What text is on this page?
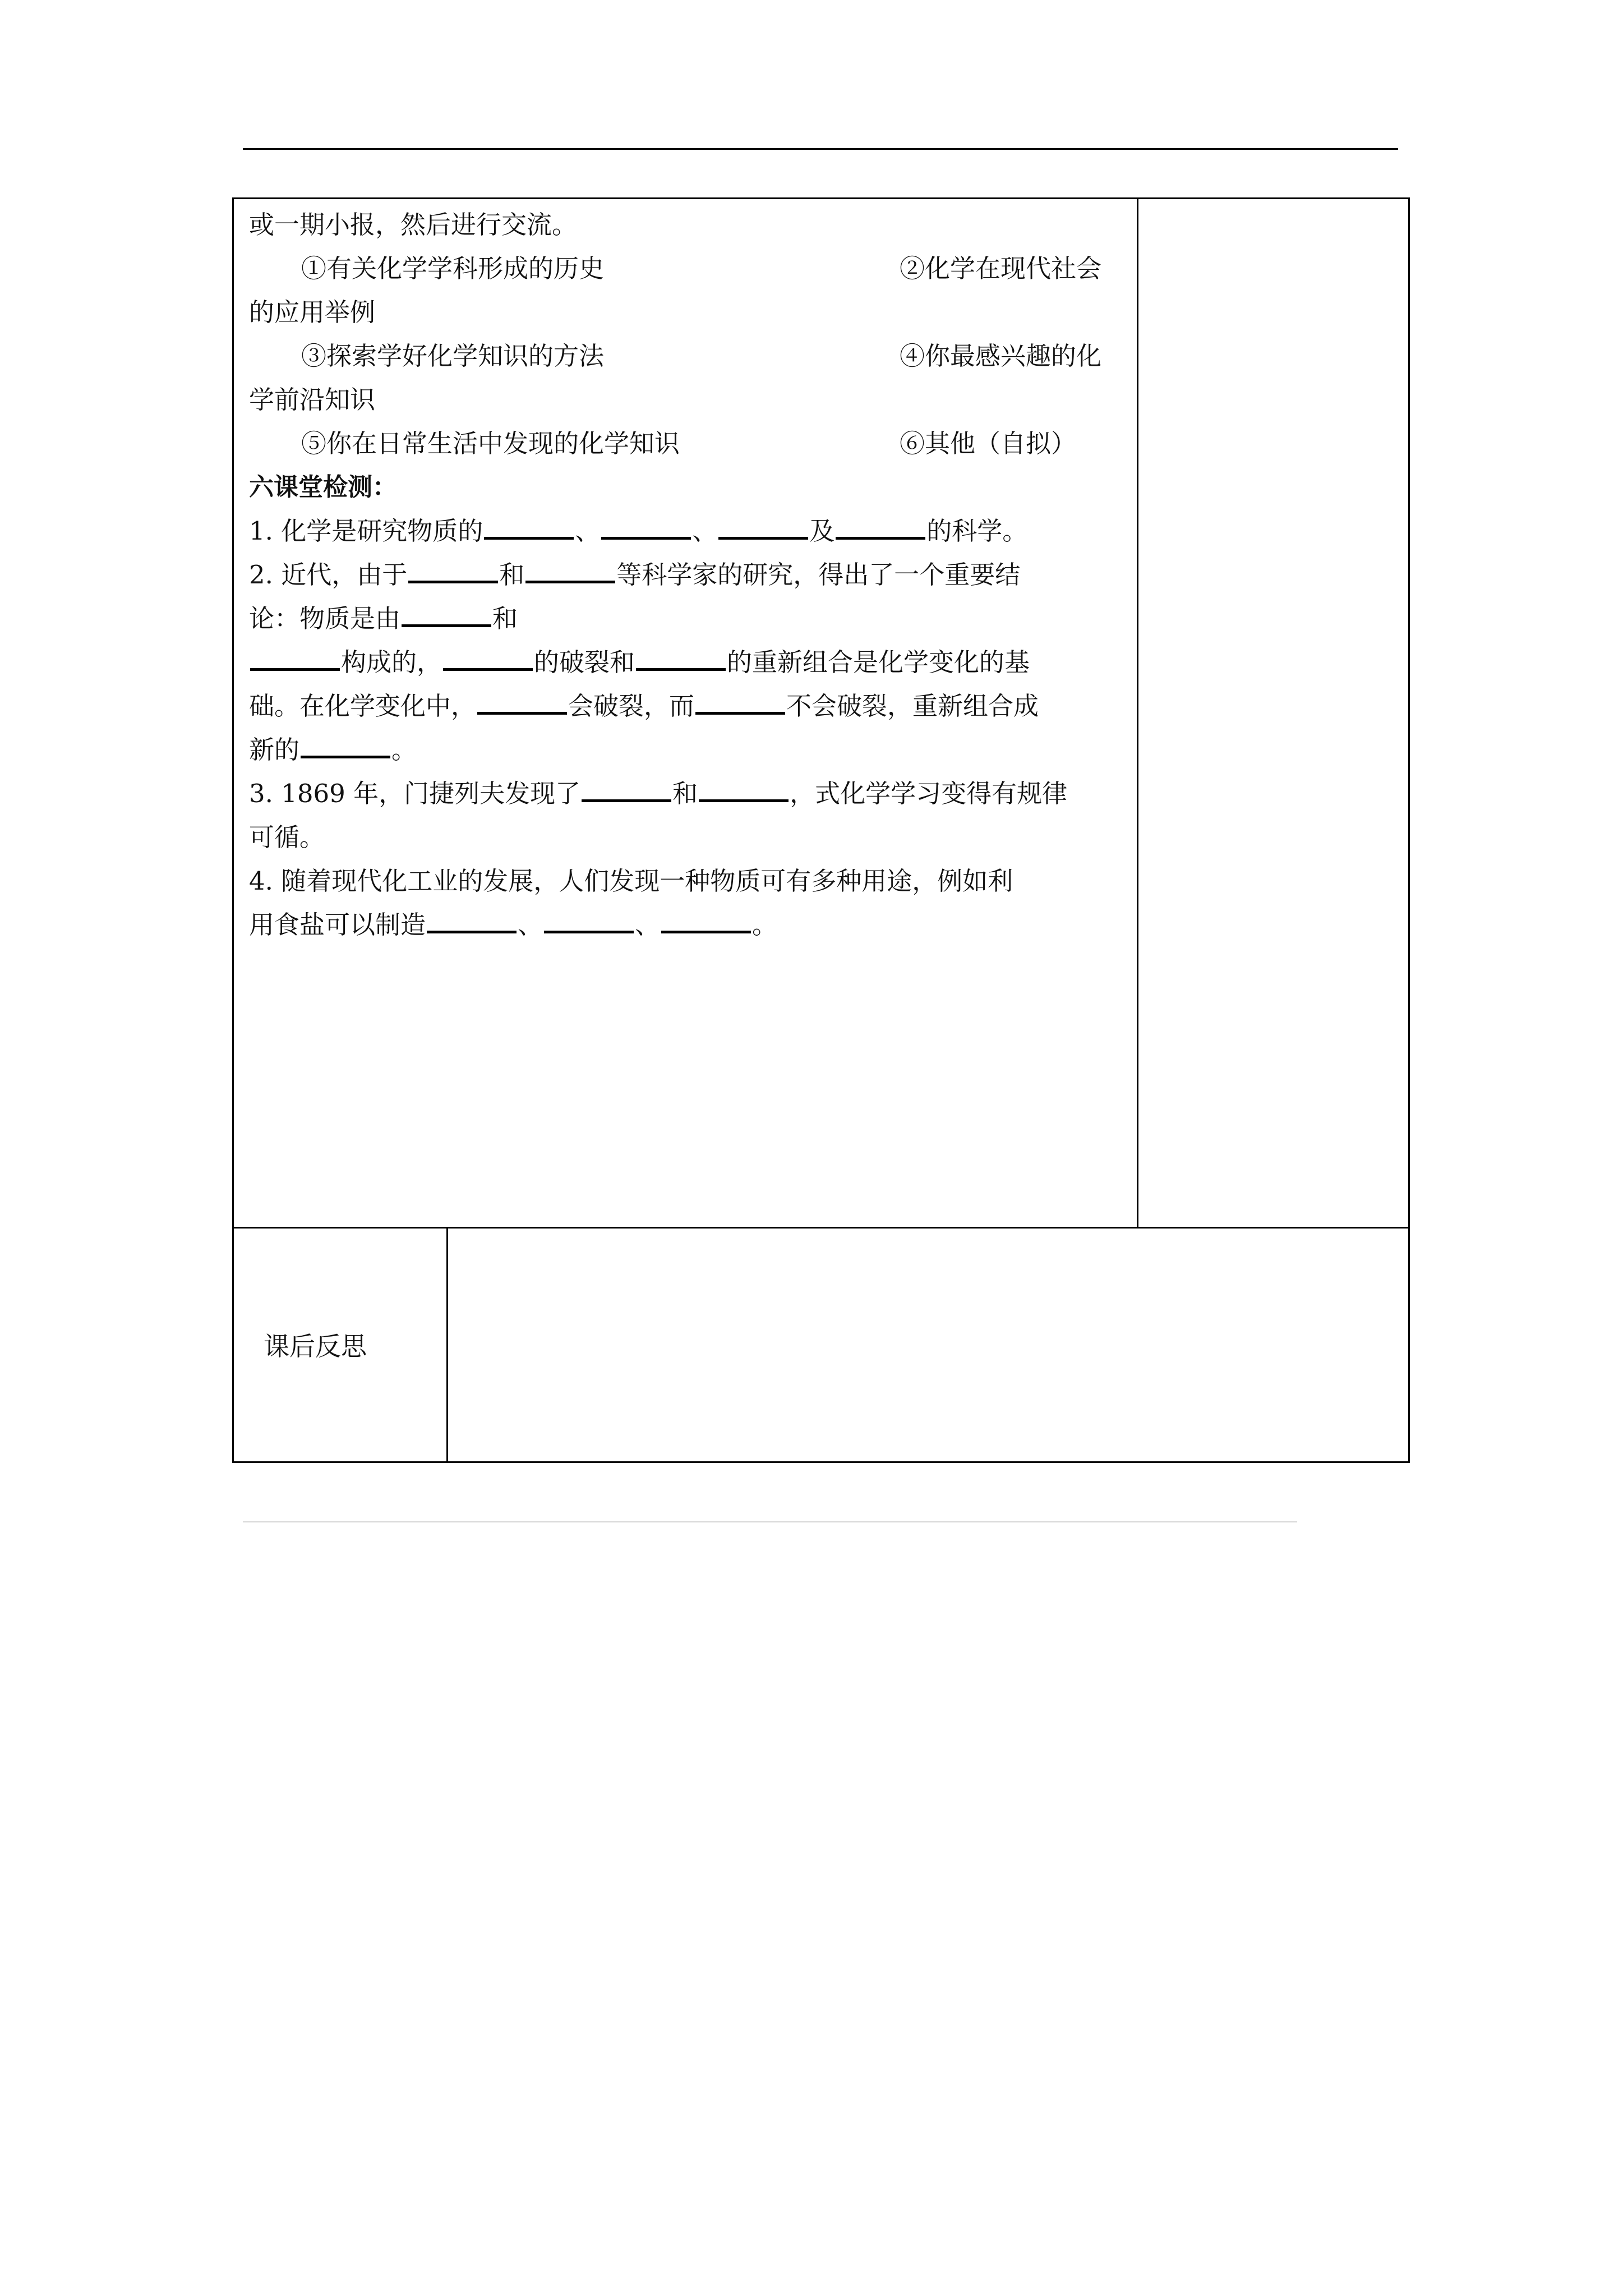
或一期小报，然后进行交流。
①有关化学学科形成的历史	②化学在现代社会
的应用举例
③探索学好化学知识的方法	④你最感兴趣的化
学前沿知识
⑤你在日常生活中发现的化学知识	⑥其他（自拟）
六课堂检测：
1. 化学是研究物质的	、	、	及	的科学。
2. 近代，由于	和	等科学家的研究，得出了一个重要结
论：物质是由	和
构成的，	的破裂和	的重新组合是化学变化的基
础。在化学变化中，	会破裂，而	不会破裂，重新组合成
新的	。
3. 1869 年，门捷列夫发现了	和	，式化学学习变得有规律
可循。
4. 随着现代化工业的发展，人们发现一种物质可有多种用途，例如利
用食盐可以制造	、	、	。
课后反思
